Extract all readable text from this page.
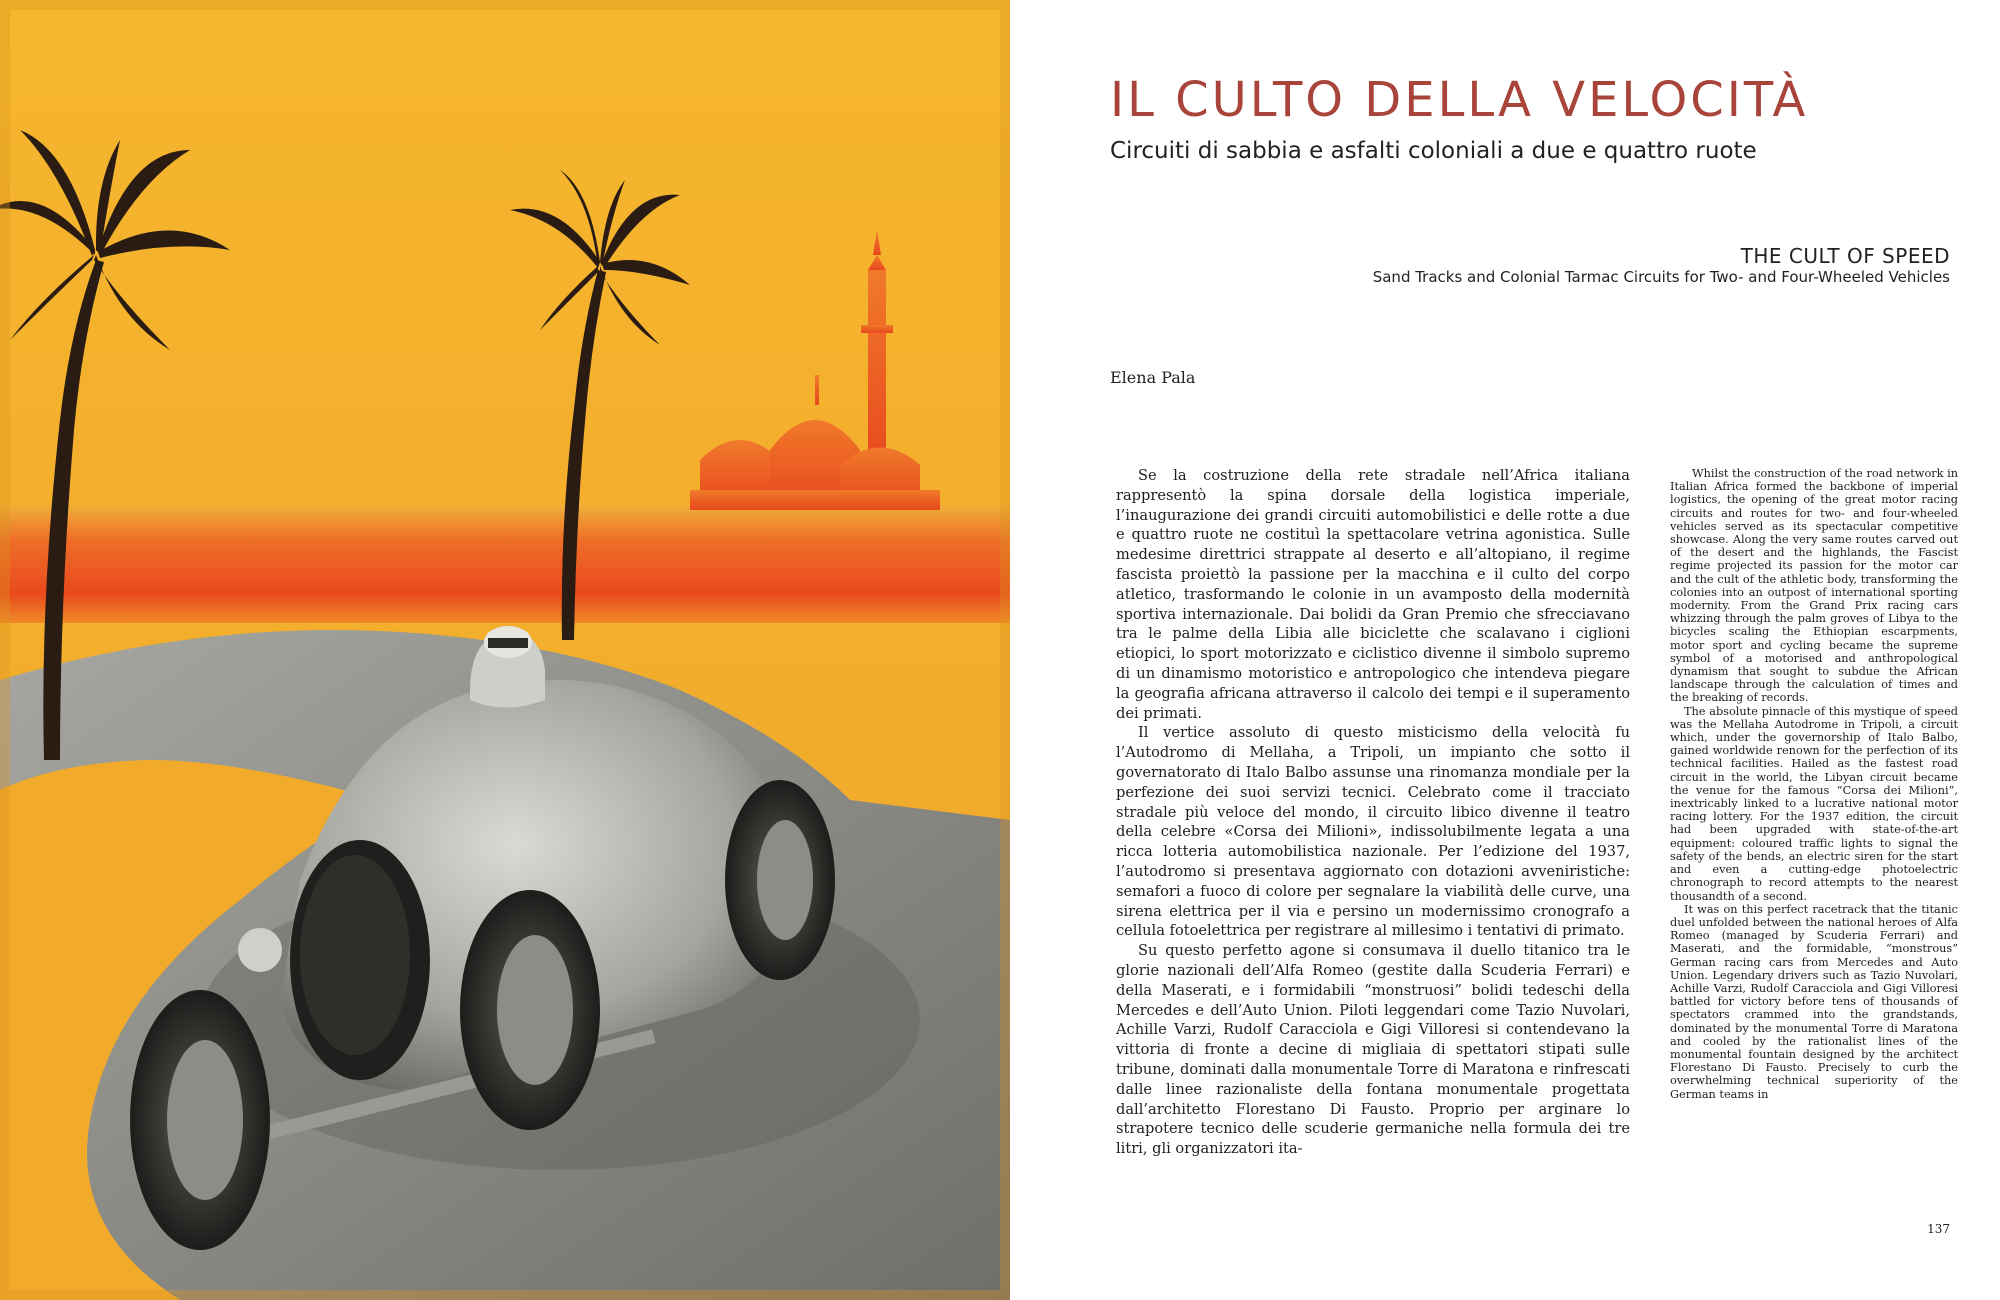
IL CULTO DELLA VELOCITÀ
Circuiti di sabbia e asfalti coloniali a due e quattro ruote
THE CULT OF SPEED
Sand Tracks and Colonial Tarmac Circuits for Two- and Four-Wheeled Vehicles
Elena Pala

Se la costruzione della rete stradale nell’Africa italiana rappresentò la spina dorsale della logistica imperiale, l’inaugurazione dei grandi circuiti automobilistici e delle rotte a due e quattro ruote ne costituì la spettacolare vetrina agonistica. Sulle medesime direttrici strappate al deserto e all’altopiano, il regime fascista proiettò la passione per la macchina e il culto del corpo atletico, trasformando le colonie in un avamposto della modernità sportiva internazionale. Dai bolidi da Gran Premio che sfrecciavano tra le palme della Libia alle biciclette che scalavano i ciglioni etiopici, lo sport motorizzato e ciclistico divenne il simbolo supremo di un dinamismo motoristico e antropologico che intendeva piegare la geografia africana attraverso il calcolo dei tempi e il superamento dei primati.

Il vertice assoluto di questo misticismo della velocità fu l’Autodromo di Mellaha, a Tripoli, un impianto che sotto il governatorato di Italo Balbo assunse una rinomanza mondiale per la perfezione dei suoi servizi tecnici. Celebrato come il tracciato stradale più veloce del mondo, il circuito libico divenne il teatro della celebre «Corsa dei Milioni», indissolubilmente legata a una ricca lotteria automobilistica nazionale. Per l’edizione del 1937, l’autodromo si presentava aggiornato con dotazioni avveniristiche: semafori a fuoco di colore per segnalare la viabilità delle curve, una sirena elettrica per il via e persino un modernissimo cronografo a cellula fotoelettrica per registrare al millesimo i tentativi di primato.

Su questo perfetto agone si consumava il duello titanico tra le glorie nazionali dell’Alfa Romeo (gestite dalla Scuderia Ferrari) e della Maserati, e i formidabili “monstruosi” bolidi tedeschi della Mercedes e dell’Auto Union. Piloti leggendari come Tazio Nuvolari, Achille Varzi, Rudolf Caracciola e Gigi Villoresi si contendevano la vittoria di fronte a decine di migliaia di spettatori stipati sulle tribune, dominati dalla monumentale Torre di Maratona e rinfrescati dalle linee razionaliste della fontana monumentale progettata dall’architetto Florestano Di Fausto. Proprio per arginare lo strapotere tecnico delle scuderie germaniche nella formula dei tre litri, gli organizzatori ita-

Whilst the construction of the road network in Italian Africa formed the backbone of imperial logistics, the opening of the great motor racing circuits and routes for two- and four-wheeled vehicles served as its spectacular competitive showcase. Along the very same routes carved out of the desert and the highlands, the Fascist regime projected its passion for the motor car and the cult of the athletic body, transforming the colonies into an outpost of international sporting modernity. From the Grand Prix racing cars whizzing through the palm groves of Libya to the bicycles scaling the Ethiopian escarpments, motor sport and cycling became the supreme symbol of a motorised and anthropological dynamism that sought to subdue the African landscape through the calculation of times and the breaking of records.

The absolute pinnacle of this mystique of speed was the Mellaha Autodrome in Tripoli, a circuit which, under the governorship of Italo Balbo, gained worldwide renown for the perfection of its technical facilities. Hailed as the fastest road circuit in the world, the Libyan circuit became the venue for the famous “Corsa dei Milioni”, inextricably linked to a lucrative national motor racing lottery. For the 1937 edition, the circuit had been upgraded with state-of-the-art equipment: coloured traffic lights to signal the safety of the bends, an electric siren for the start and even a cutting-edge photoelectric chronograph to record attempts to the nearest thousandth of a second.

It was on this perfect racetrack that the titanic duel unfolded between the national heroes of Alfa Romeo (managed by Scuderia Ferrari) and Maserati, and the formidable, “monstrous” German racing cars from Mercedes and Auto Union. Legendary drivers such as Tazio Nuvolari, Achille Varzi, Rudolf Caracciola and Gigi Villoresi battled for victory before tens of thousands of spectators crammed into the grandstands, dominated by the monumental Torre di Maratona and cooled by the rationalist lines of the monumental fountain designed by the architect Florestano Di Fausto. Precisely to curb the overwhelming technical superiority of the German teams in

137
